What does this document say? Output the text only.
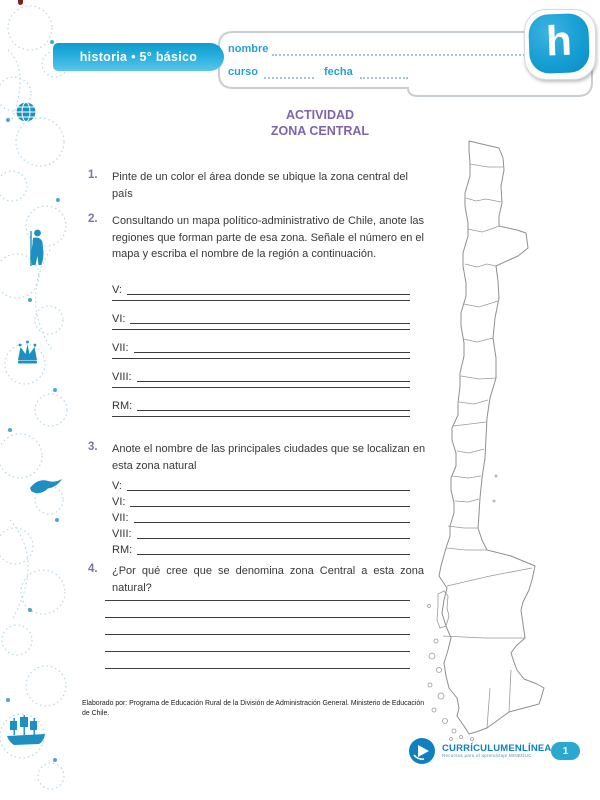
historia • 5° básico
nombre
curso	fecha
h
ACTIVIDAD
ZONA CENTRAL
1. Pinte de un color el área donde se ubique la zona central del país
2. Consultando un mapa político-administrativo de Chile, anote las regiones que forman parte de esa zona. Señale el número en el mapa y escriba el nombre de la región a continuación.
V:
VI:
VII:
VIII:
RM:
3. Anote el nombre de las principales ciudades que se localizan en esta zona natural
V:
VI:
VII:
VIII:
RM:
4. ¿Por qué cree que se denomina zona Central a esta zona natural?
Elaborado por: Programa de Educación Rural de la División de Administración General. Ministerio de Educación de Chile.
CURRÍCULUMENLÍNEA
Recursos para el aprendizaje MINEDUC	1
